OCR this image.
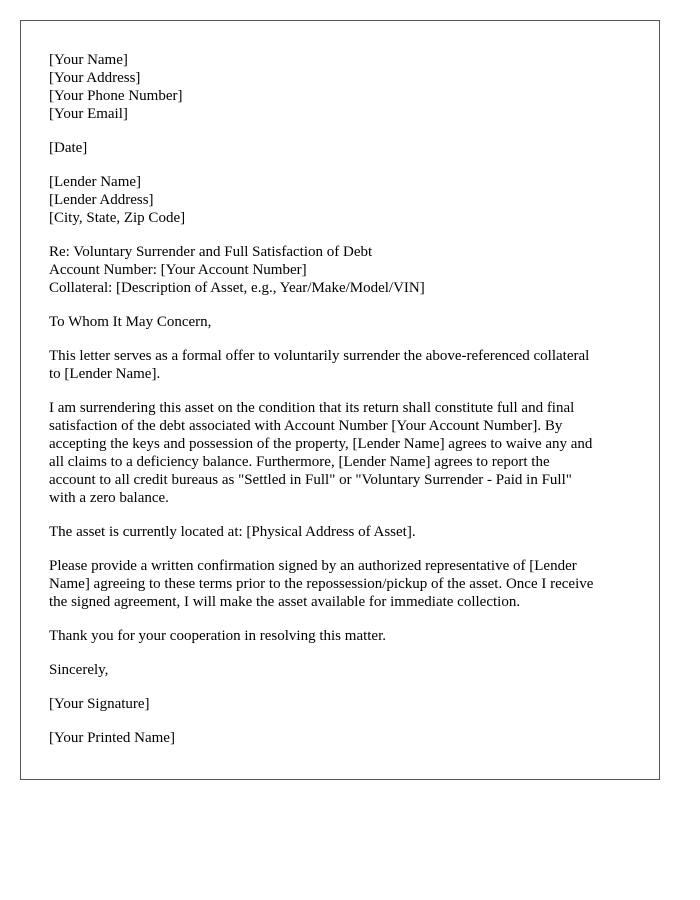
[Your Name]
[Your Address]
[Your Phone Number]
[Your Email]
[Date]
[Lender Name]
[Lender Address]
[City, State, Zip Code]
Re: Voluntary Surrender and Full Satisfaction of Debt
Account Number: [Your Account Number]
Collateral: [Description of Asset, e.g., Year/Make/Model/VIN]
To Whom It May Concern,

This letter serves as a formal offer to voluntarily surrender the above-referenced collateral
to [Lender Name].

I am surrendering this asset on the condition that its return shall constitute full and final
satisfaction of the debt associated with Account Number [Your Account Number]. By
accepting the keys and possession of the property, [Lender Name] agrees to waive any and
all claims to a deficiency balance. Furthermore, [Lender Name] agrees to report the
account to all credit bureaus as "Settled in Full" or "Voluntary Surrender - Paid in Full"
with a zero balance.

The asset is currently located at: [Physical Address of Asset].

Please provide a written confirmation signed by an authorized representative of [Lender
Name] agreeing to these terms prior to the repossession/pickup of the asset. Once I receive
the signed agreement, I will make the asset available for immediate collection.

Thank you for your cooperation in resolving this matter.

Sincerely,
[Your Signature]
[Your Printed Name]
